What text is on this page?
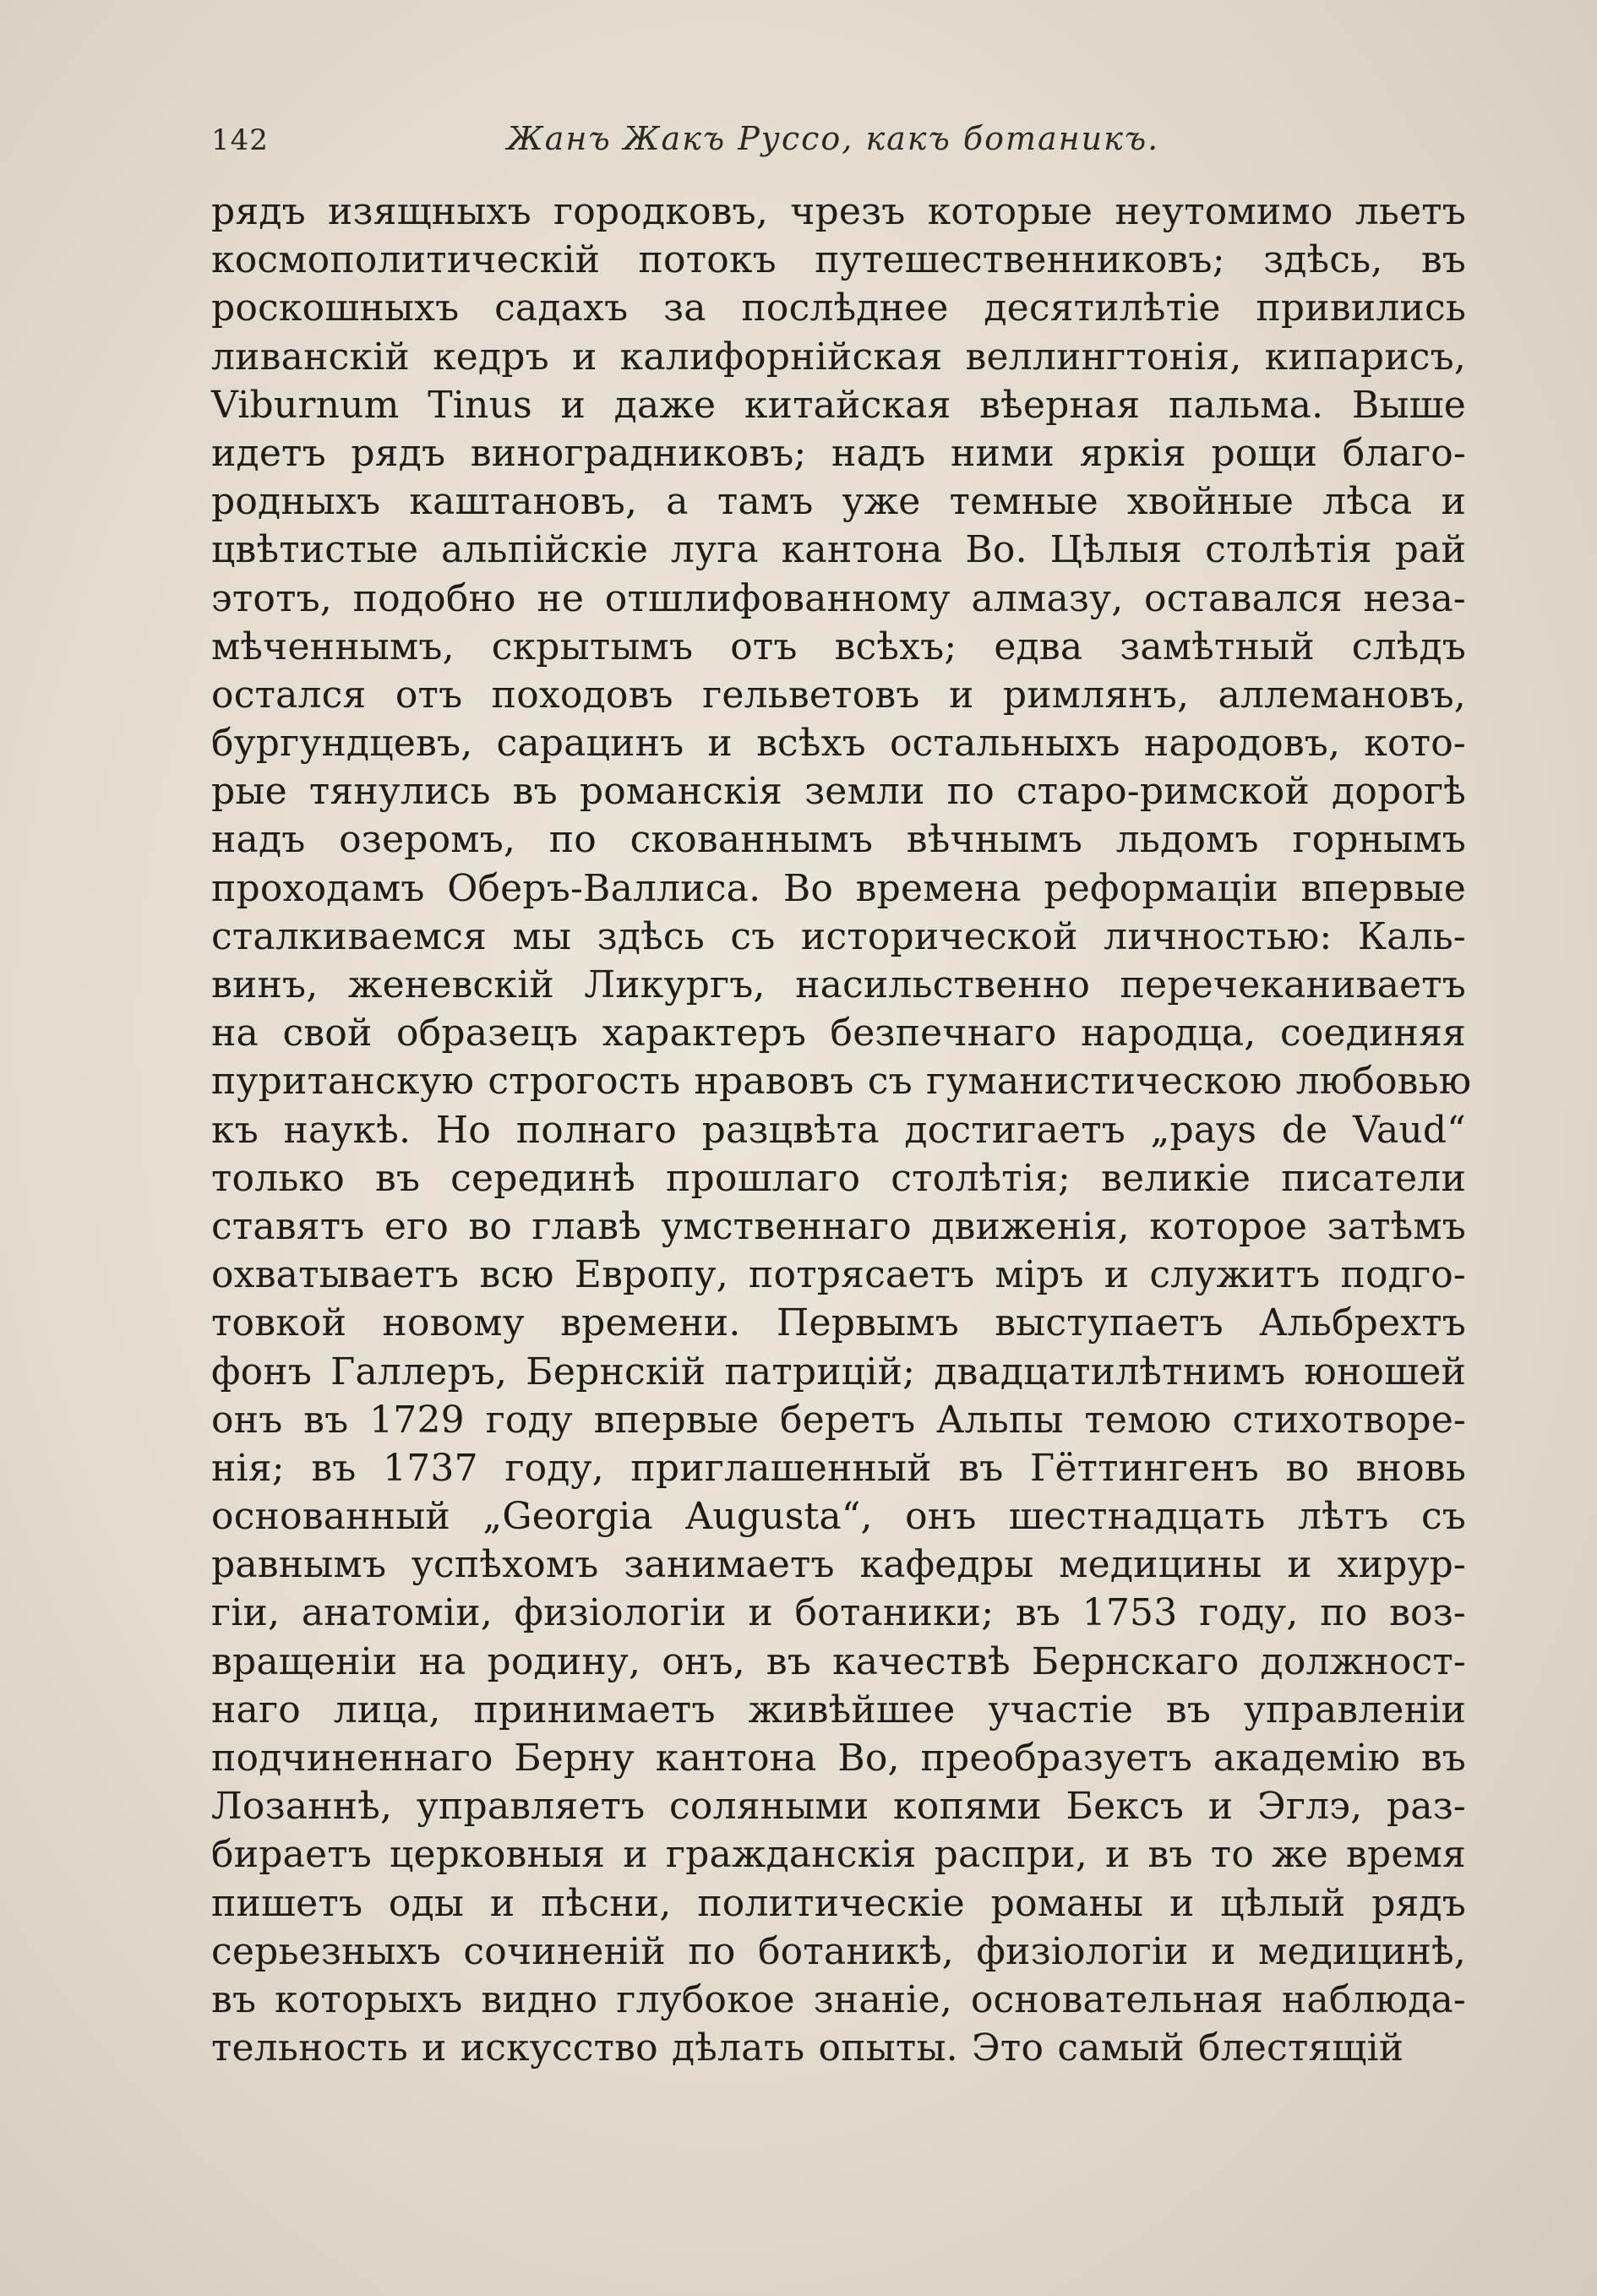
142	Жанъ Жакъ Руссо, какъ ботаникъ.
рядъ изящныхъ городковъ, чрезъ которые неутомимо льетъ
космополитическій потокъ путешественниковъ; здѣсь, въ
роскошныхъ садахъ за послѣднее десятилѣтіе привились
ливанскій кедръ и калифорнійская веллингтонія, кипарисъ,
Viburnum Tinus и даже китайская вѣерная пальма. Выше
идетъ рядъ виноградниковъ; надъ ними яркія рощи благо-
родныхъ каштановъ, а тамъ уже темные хвойные лѣса и
цвѣтистые альпійскіе луга кантона Во. Цѣлыя столѣтія рай
этотъ, подобно не отшлифованному алмазу, оставался неза-
мѣченнымъ, скрытымъ отъ всѣхъ; едва замѣтный слѣдъ
остался отъ походовъ гельветовъ и римлянъ, аллемановъ,
бургундцевъ, сарацинъ и всѣхъ остальныхъ народовъ, кото-
рые тянулись въ романскія земли по старо-римской дорогѣ
надъ озеромъ, по скованнымъ вѣчнымъ льдомъ горнымъ
проходамъ Оберъ-Валлиса. Во времена реформаціи впервые
сталкиваемся мы здѣсь съ исторической личностью: Каль-
винъ, женевскій Ликургъ, насильственно перечеканиваетъ
на свой образецъ характеръ безпечнаго народца, соединяя
пуританскую строгость нравовъ съ гуманистическою любовью
къ наукѣ. Но полнаго разцвѣта достигаетъ „pays de Vaud“
только въ серединѣ прошлаго столѣтія; великіе писатели
ставятъ его во главѣ умственнаго движенія, которое затѣмъ
охватываетъ всю Европу, потрясаетъ міръ и служитъ подго-
товкой новому времени. Первымъ выступаетъ Альбрехтъ
фонъ Галлеръ, Бернскій патрицій; двадцатилѣтнимъ юношей
онъ въ 1729 году впервые беретъ Альпы темою стихотворе-
нія; въ 1737 году, приглашенный въ Гёттингенъ во вновь
основанный „Georgia Augusta“, онъ шестнадцать лѣтъ съ
равнымъ успѣхомъ занимаетъ кафедры медицины и хирур-
гіи, анатоміи, физіологіи и ботаники; въ 1753 году, по воз-
вращеніи на родину, онъ, въ качествѣ Бернскаго должност-
наго лица, принимаетъ живѣйшее участіе въ управленіи
подчиненнаго Берну кантона Во, преобразуетъ академію въ
Лозаннѣ, управляетъ соляными копями Бексъ и Эглэ, раз-
бираетъ церковныя и гражданскія распри, и въ то же время
пишетъ оды и пѣсни, политическіе романы и цѣлый рядъ
серьезныхъ сочиненій по ботаникѣ, физіологіи и медицинѣ,
въ которыхъ видно глубокое знаніе, основательная наблюда-
тельность и искусство дѣлать опыты. Это самый блестящій
